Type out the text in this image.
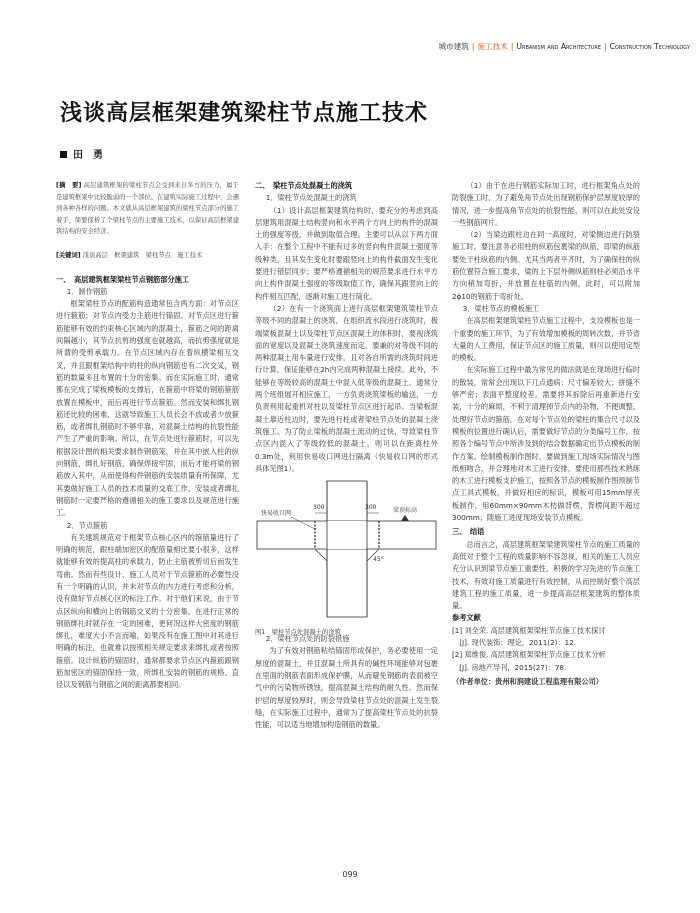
城市建筑 | 施工技术 | Urbanism and Architecture | Construction Technology
浅谈高层框架建筑梁柱节点施工技术
田　勇

[摘　要] 高层建筑框架的梁柱节点会受到来自多方的压力，属于是建筑框架中比较脆弱的一个部位。在建筑实际施工过程中，会遇到各种各样的问题。本文就从高层框架建筑的梁柱节点部分的施工着手，简要探析了个梁柱节点的主要施工技术，以保证高层框架建筑结构的安全经济。

[关键词] 浅谈高层　框架建筑　梁柱节点　施工技术

一、　高层建筑框架梁柱节点钢筋部分施工

1．制作钢筋

框架梁柱节点的配筋构造通常包含两方面：对节点区进行箍筋；对节点内受力主筋进行锚固。对节点区进行箍筋能够有效的约束核心区域内的混凝土，箍筋之间的距离间隔越小，其节点抗剪的强度也就越高，而抗剪强度就是所谓的受剪承载力。在节点区域内存在着纵横梁相互交叉，并且跟框架结构中的柱的纵向钢筋也有二次交叉，钢筋的数量多且布置的十分的密集。而在实际施工时，通常都在完成了梁板模板的支撑后，在箍筋中将梁的钢筋箍筋放置在模板中，而后再进行节点箍筋。然而安装和绑扎钢筋还比较的困难，这就导致施工人员长会不放或者少放箍筋，或者绑扎钢筋时不够牢靠，对混凝土结构的抗裂性能产生了严重的影响。所以，在节点处进行箍筋时，可以先根据设计图的相关要求制作钢筋笼，并在其中嵌入柱的纵向钢筋，绑扎好钢筋，确保焊接牢固，而后才能将梁的钢筋放入其中，从而使得构件钢筋的安装质量有所保障，尤其要做好施工人员的技术质量的交底工作，安装或者绑扎钢筋时一定要严格的遵循相关的施工要求以及规范进行施工。

2．节点箍筋

有关建筑规范对于框架节点核心区内的箍筋量进行了明确的规范，跟柱端加密区的配筋量相比要小很多，这样就能够有效的提高柱的承载力，防止主筋被剪切后而发生弯曲。然而有些设计、施工人员对于节点箍筋的必要性没有一个明确的认识，并未对节点的内力进行考虑和分析，没有做好节点核心区的标注工作。对于他们来说，由于节点区纵向和横向上的钢筋交叉的十分密集，在进行正常的钢筋绑扎时就存在一定的困难，更何况这样大密度的钢筋绑扎，难度大小不言而喻，如果没有在施工图中对其进行明确的标注，也就难以按照相关规定要求来绑扎或者按照箍筋。设计纵筋的锚固时，通常都要求节点区内箍筋跟钢筋加密区的锚固保持一致，所绑扎安装的钢筋的规格、直径以及钢筋与钢筋之间的距离都要相同。

二、　梁柱节点处混凝土的浇筑

1．梁柱节点处混凝土的浇筑

（1）设计高层框架建筑结构时，要充分的考虑到高层建筑用混凝土结构竖向和水平两个方向上的构件的混凝土的强度等级，并做到取值合理。主要可以从以下两方面入手：在整个工程中不能有过多的竖向构件混凝土强度等级种类，且其发生变化时要跟竖向上的构件截面发生变化要进行错层同步；要严格遵循相关的规范要求进行水平方向上构件混凝土强度的等级取值工作，确保其跟竖向上的构件相互匹配，逐渐对施工进行简化。

（2）在有一个浇筑面上进行高层框架建筑梁柱节点等级不同的混凝土的浇筑，在组织流水段进行浇筑时，极端梁板混凝土以及梁柱节点区混凝土的体积时，要视浇筑面的宽度以及混凝土浇筑速度而定，要兼的对等级不同的两种混凝土用车量进行安排，且对各自所需的浇筑时间进行计算，保证能够在2h内完成两种混凝土接续。此外，不能够在等级较高的混凝土中混入低等级的混凝土。通常分两个班组展开相应施工，一方负责浇筑梁板的输送，一方负责利用起重机对柱以及梁柱节点区进行起吊。当梁板混凝土靠近柱边时，要先进行柱或者梁柱节点处的混凝土浇筑施工。为了防止梁板的混凝土流动的过快，导致梁柱节点区内混入了等级较低的混凝土，则可以在距离柱外0.3m处，利用快易收口网进行隔离（快易收口网的形式具体见图1）。

300	300	梁顶标高
快易收口网
45°

图1　梁柱节点处混凝土的浇筑

2．梁柱节点处的防裂措施

为了有效对钢筋粘结锚固形成保护，务必要使用一定厚度的混凝土，并且混凝土所具有的碱性环境能够对包裹在里面的钢筋表面形成保护膜，从而避免钢筋的表面被空气中的污染物所锈蚀，提高混凝土结构的耐久性。然而保护层的厚度较厚时，则会导致梁柱节点处的混凝土发生裂缝，在实际施工过程中，通常为了提高梁柱节点处的抗裂性能，可以适当地增加构造钢筋的数量。

（1）由于在进行钢筋实际加工时，进行框架角点处的防裂施工时，为了避免角节点处出现钢筋保护层厚度较厚的情况，进一步提高角节点处的抗裂性能，则可以在此处安设一些钢筋网片。

（2）当梁边跟柱边在同一高度时，对梁侧边进行防裂施工时，要注意务必用柱的纵筋包裹梁的纵筋，即梁的纵筋要处于柱纵筋的内侧。尤其当两者平齐时，为了确保柱的纵筋位置符合施工要求，梁的上下层外侧纵筋则柱必须沿水平方向稍加弯折，并放置在柱筋的内侧，此时，可以附加2ϕ10的钢筋于弯折处。

3．梁柱节点的模板施工

在高层框架建筑梁柱节点施工过程中，支设模板也是一个重要的施工环节，为了有效增加模板的周转次数，并节省大量的人工费用，保证节点区的施工质量，则可以使用定型的模板。

在实际施工过程中最为常见的做法就是在现场进行临时的散装，常常会出现以下几点通病：尺寸偏差较大；拼缝不够严密；表面平整度较差。需要将其拆除后再重新进行安装，十分的麻烦，不利于清理掉节点内的杂物，不便调整、处理好节点的箍筋。在对每个节点处的梁柱的集合尺寸以及模板的位置进行确认后，需要做好节点的分类编号工作，按照各个编号节点中所涉及到的结合数据确定出节点模板的制作方案。绘制模板制作图时，要做到施工现场实际情况与图纸相吻合，并合理地对木工进行安排，要使用那些技术熟练的木工进行模板支护施工，按照各节点的模板制作图预制节点工具式模板，并做好相应的标识，模板可用15mm厚夹板制作，用60mm×90mm木枋做背楞，背楞间距不超过300mm；随施工进度现场安装节点模板。

三、　结语

总而言之，高层建筑框架梁建筑梁柱节点的施工质量的高低对于整个工程的质量影响不容忽视，相关的施工人员应充分认识到梁节点施工重要性，积极的学习先进的节点施工技术，有效对施工质量进行有效控制，从而控制好整个高层建筑工程的施工质量，进一步提高高层框架建筑的整体质量。

参考文献

[1] 刘全荣. 高层建筑框架梁柱节点施工技术探讨

[J]. 现代装饰：理论，2011(2)：12.

[2] 郑维俊. 高层建筑框架梁柱节点施工技术分析

[J]. 房地产导刊，2015(27)：78.

（作者单位：贵州和润建设工程监理有限公司）

099
